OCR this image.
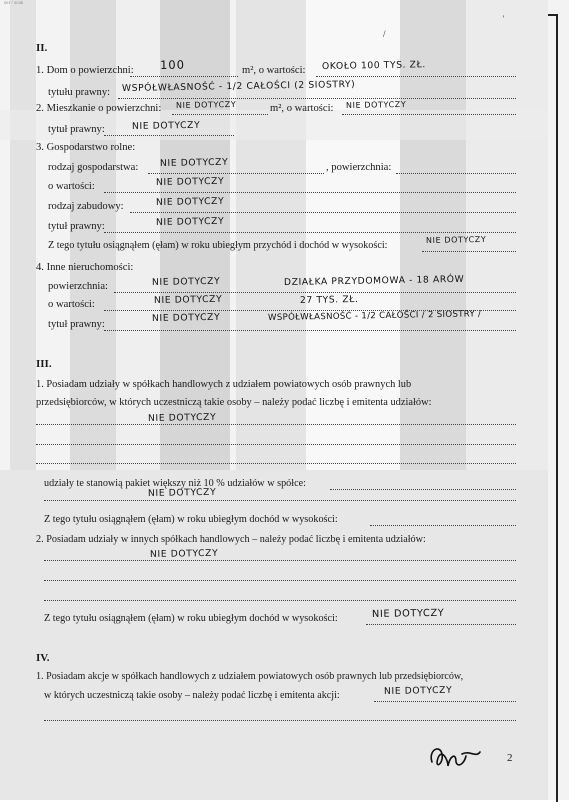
ocr / scan
'
/
II.
1. Dom o powierzchni: 100	m², o wartości: OKOŁO 100 TYS. ZŁ.
tytułu prawny: WSPÓŁWŁASNOŚĆ - 1/2 CAŁOŚCI (2 SIOSTRY)
2. Mieszkanie o powierzchni: NIE DOTYCZY	m², o wartości: NIE DOTYCZY
tytuł prawny:	NIE DOTYCZY
3. Gospodarstwo rolne:
rodzaj gospodarstwa: NIE DOTYCZY	, powierzchnia:
o wartości:	NIE DOTYCZY
rodzaj zabudowy:	NIE DOTYCZY
tytuł prawny:	NIE DOTYCZY
Z tego tytułu osiągnąłem (ęłam) w roku ubiegłym przychód i dochód w wysokości:
NIE DOTYCZY
4. Inne nieruchomości:
powierzchnia:	NIE DOTYCZY	DZIAŁKA PRZYDOMOWA - 18 ARÓW
o wartości:	NIE DOTYCZY	27 TYS. ZŁ.
tytuł prawny:
NIE DOTYCZY	WSPÓŁWŁASNOŚĆ - 1/2 CAŁOŚCI / 2 SIOSTRY /
III.
1. Posiadam udziały w spółkach handlowych z udziałem powiatowych osób prawnych lub
przedsiębiorców, w których uczestniczą takie osoby – należy podać liczbę i emitenta udziałów:
NIE DOTYCZY
udziały te stanowią pakiet większy niż 10 % udziałów w spółce:
NIE DOTYCZY
Z tego tytułu osiągnąłem (ęłam) w roku ubiegłym dochód w wysokości:
2. Posiadam udziały w innych spółkach handlowych – należy podać liczbę i emitenta udziałów:
NIE DOTYCZY
Z tego tytułu osiągnąłem (ęłam) w roku ubiegłym dochód w wysokości:	NIE DOTYCZY
IV.
1. Posiadam akcje w spółkach handlowych z udziałem powiatowych osób prawnych lub przedsiębiorców,
w których uczestniczą takie osoby – należy podać liczbę i emitenta akcji:	NIE DOTYCZY
2
